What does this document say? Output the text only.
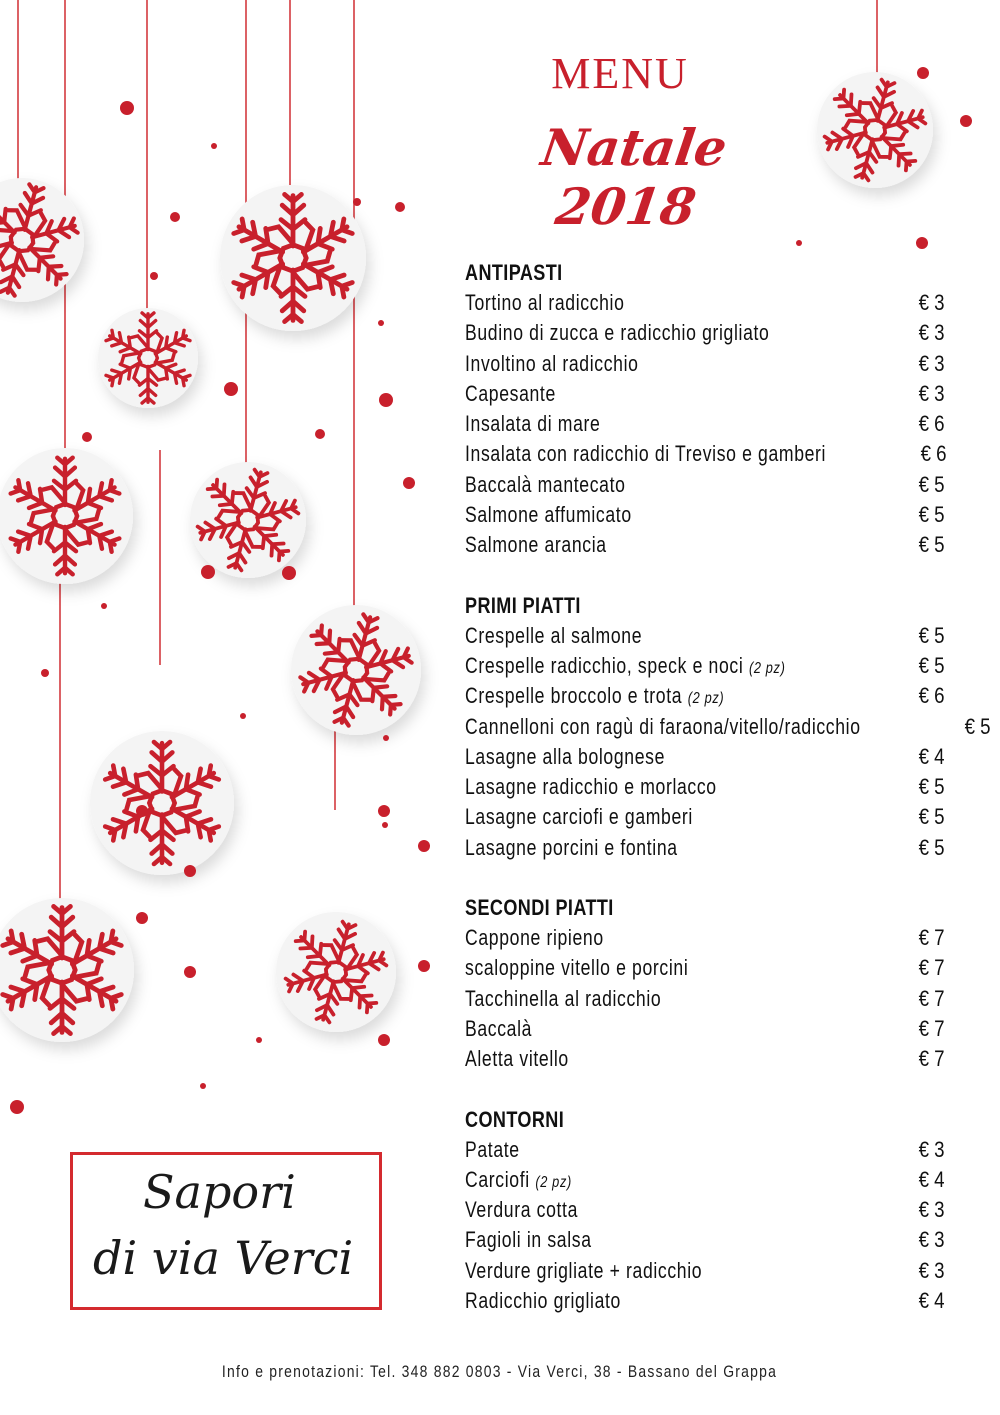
MENU
Natale 2018
ANTIPASTI
Tortino al radicchio	€ 3
Budino di zucca e radicchio grigliato	€ 3
Involtino al radicchio	€ 3
Capesante	€ 3
Insalata di mare	€ 6
Insalata con radicchio di Treviso e gamberi	€ 6
Baccalà mantecato	€ 5
Salmone affumicato	€ 5
Salmone arancia	€ 5
PRIMI PIATTI
Crespelle al salmone	€ 5
Crespelle radicchio, speck e noci (2 pz)	€ 5
Crespelle broccolo e trota (2 pz)	€ 6
Cannelloni con ragù di faraona/vitello/radicchio	€ 5
Lasagne alla bolognese	€ 4
Lasagne radicchio e morlacco	€ 5
Lasagne carciofi e gamberi	€ 5
Lasagne porcini e fontina	€ 5
SECONDI PIATTI
Cappone ripieno	€ 7
scaloppine vitello e porcini	€ 7
Tacchinella al radicchio	€ 7
Baccalà	€ 7
Aletta vitello	€ 7
CONTORNI
Patate	€ 3
Carciofi (2 pz)	€ 4
Verdura cotta	€ 3
Fagioli in salsa	€ 3
Verdure grigliate + radicchio	€ 3
Radicchio grigliato	€ 4
Sapori
di via Verci
Info e prenotazioni: Tel. 348 882 0803 - Via Verci, 38 - Bassano del Grappa
